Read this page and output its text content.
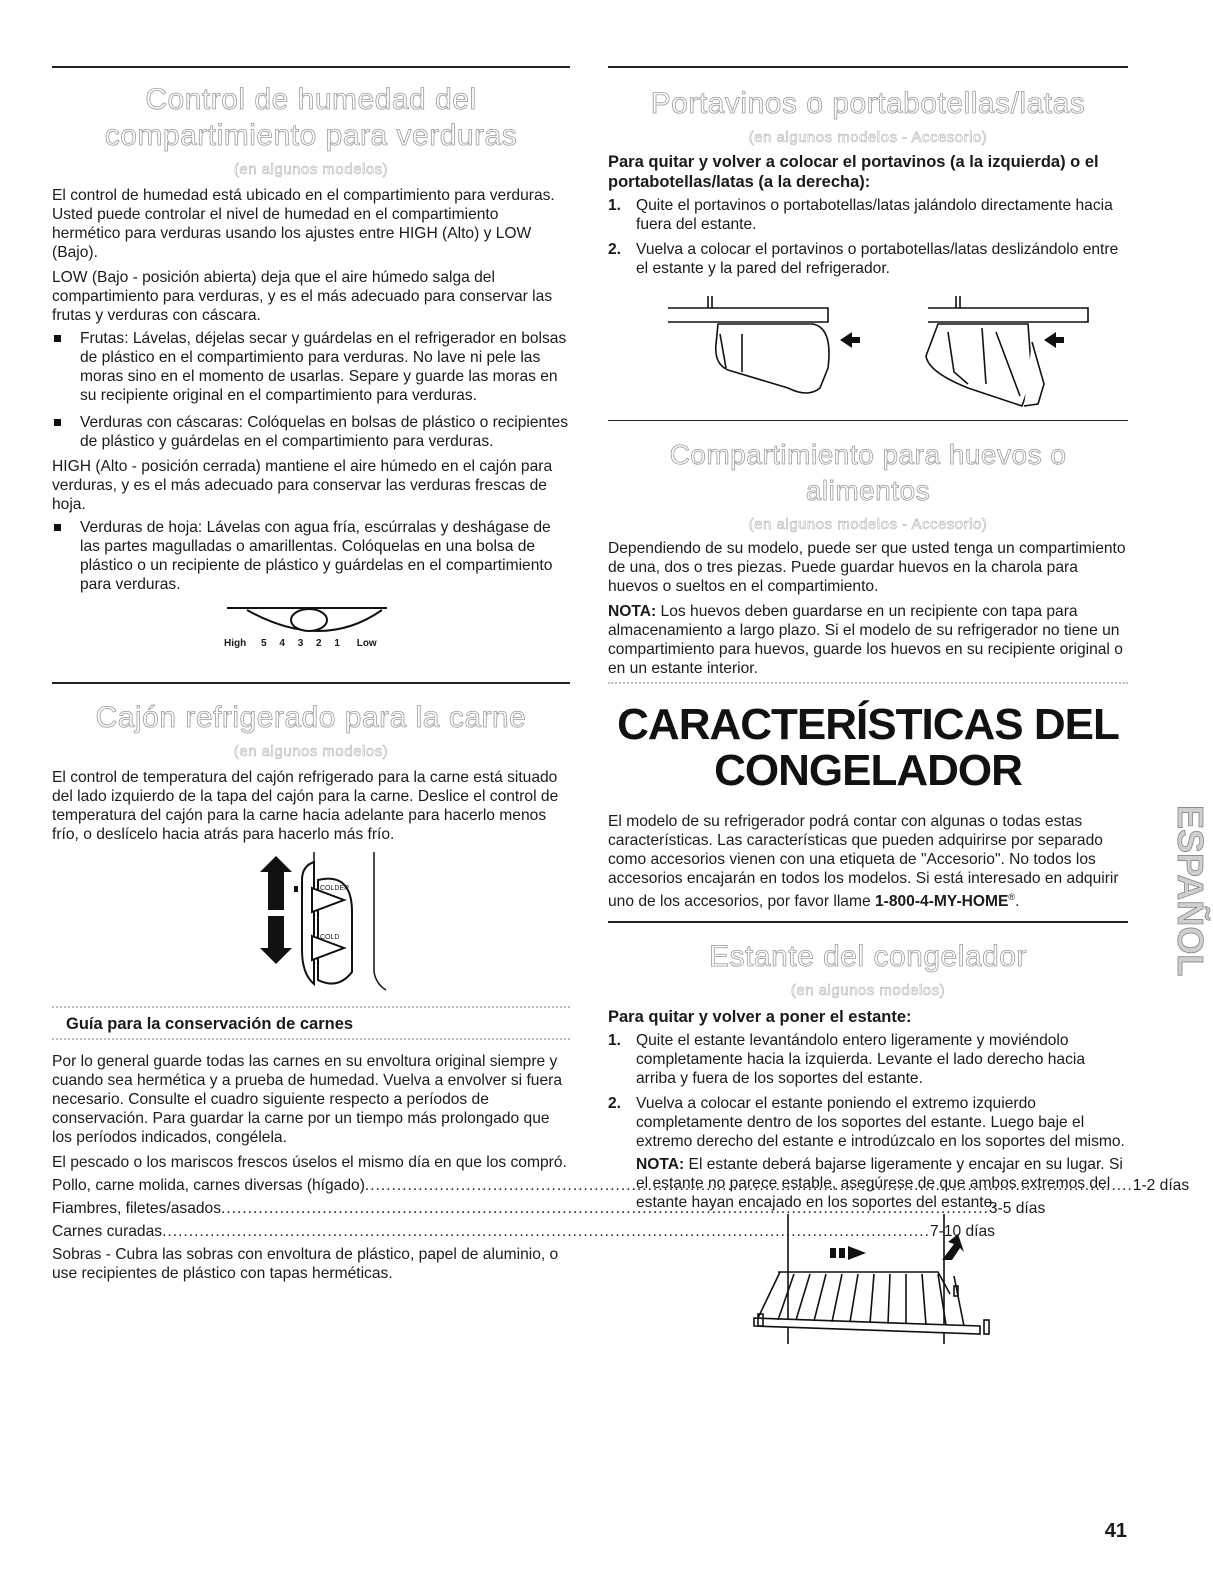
Control de humedad del
compartimiento para verduras
(en algunos modelos)

El control de humedad está ubicado en el compartimiento para verduras. Usted puede controlar el nivel de humedad en el compartimiento hermético para verduras usando los ajustes entre HIGH (Alto) y LOW (Bajo).

LOW (Bajo - posición abierta) deja que el aire húmedo salga del compartimiento para verduras, y es el más adecuado para conservar las frutas y verduras con cáscara.

Frutas: Lávelas, déjelas secar y guárdelas en el refrigerador en bolsas de plástico en el compartimiento para verduras. No lave ni pele las moras sino en el momento de usarlas. Separe y guarde las moras en su recipiente original en el compartimiento para verduras.
Verduras con cáscaras: Colóquelas en bolsas de plástico o recipientes de plástico y guárdelas en el compartimiento para verduras.

HIGH (Alto - posición cerrada) mantiene el aire húmedo en el cajón para verduras, y es el más adecuado para conservar las verduras frescas de hoja.

Verduras de hoja: Lávelas con agua fría, escúrralas y deshágase de las partes magulladas o amarillentas. Colóquelas en una bolsa de plástico o un recipiente de plástico y guárdelas en el compartimiento para verduras.
High 5 4 3 2 1 Low
Cajón refrigerado para la carne
(en algunos modelos)

El control de temperatura del cajón refrigerado para la carne está situado del lado izquierdo de la tapa del cajón para la carne. Deslice el control de temperatura del cajón para la carne hacia adelante para hacerlo menos frío, o deslícelo hacia atrás para hacerlo más frío.

COLDER
COLD
Guía para la conservación de carnes

Por lo general guarde todas las carnes en su envoltura original siempre y cuando sea hermética y a prueba de humedad. Vuelva a envolver si fuera necesario. Consulte el cuadro siguiente respecto a períodos de conservación. Para guardar la carne por un tiempo más prolongado que los períodos indicados, congélela.

El pescado o los mariscos frescos úselos el mismo día en que los compró.

Pollo, carne molida, carnes diversas (hígado) .....	1-2 días
Fiambres, filetes/asados .....	3-5 días
Carnes curadas .....	7-10 días

Sobras - Cubra las sobras con envoltura de plástico, papel de aluminio, o use recipientes de plástico con tapas herméticas.

Portavinos o portabotellas/latas
(en algunos modelos - Accesorio)
Para quitar y volver a colocar el portavinos (a la izquierda) o el portabotellas/latas (a la derecha):
1. Quite el portavinos o portabotellas/latas jalándolo directamente hacia fuera del estante.
2. Vuelva a colocar el portavinos o portabotellas/latas deslizándolo entre el estante y la pared del refrigerador.
Compartimiento para huevos o alimentos
(en algunos modelos - Accesorio)

Dependiendo de su modelo, puede ser que usted tenga un compartimiento de una, dos o tres piezas. Puede guardar huevos en la charola para huevos o sueltos en el compartimiento.

NOTA: Los huevos deben guardarse en un recipiente con tapa para almacenamiento a largo plazo. Si el modelo de su refrigerador no tiene un compartimiento para huevos, guarde los huevos en su recipiente original o en un estante interior.

CARACTERÍSTICAS DEL
CONGELADOR

El modelo de su refrigerador podrá contar con algunas o todas estas características. Las características que pueden adquirirse por separado como accesorios vienen con una etiqueta de "Accesorio". No todos los accesorios encajarán en todos los modelos. Si está interesado en adquirir uno de los accesorios, por favor llame 1-800-4-MY-HOME®.

Estante del congelador
(en algunos modelos)
Para quitar y volver a poner el estante:
1. Quite el estante levantándolo entero ligeramente y moviéndolo completamente hacia la izquierda. Levante el lado derecho hacia arriba y fuera de los soportes del estante.
2. Vuelva a colocar el estante poniendo el extremo izquierdo completamente dentro de los soportes del estante. Luego baje el extremo derecho del estante e introdúzcalo en los soportes del mismo.

NOTA: El estante deberá bajarse ligeramente y encajar en su lugar. Si el estante no parece estable, asegúrese de que ambos extremos del estante hayan encajado en los soportes del estante.

ESPAÑOL
41
